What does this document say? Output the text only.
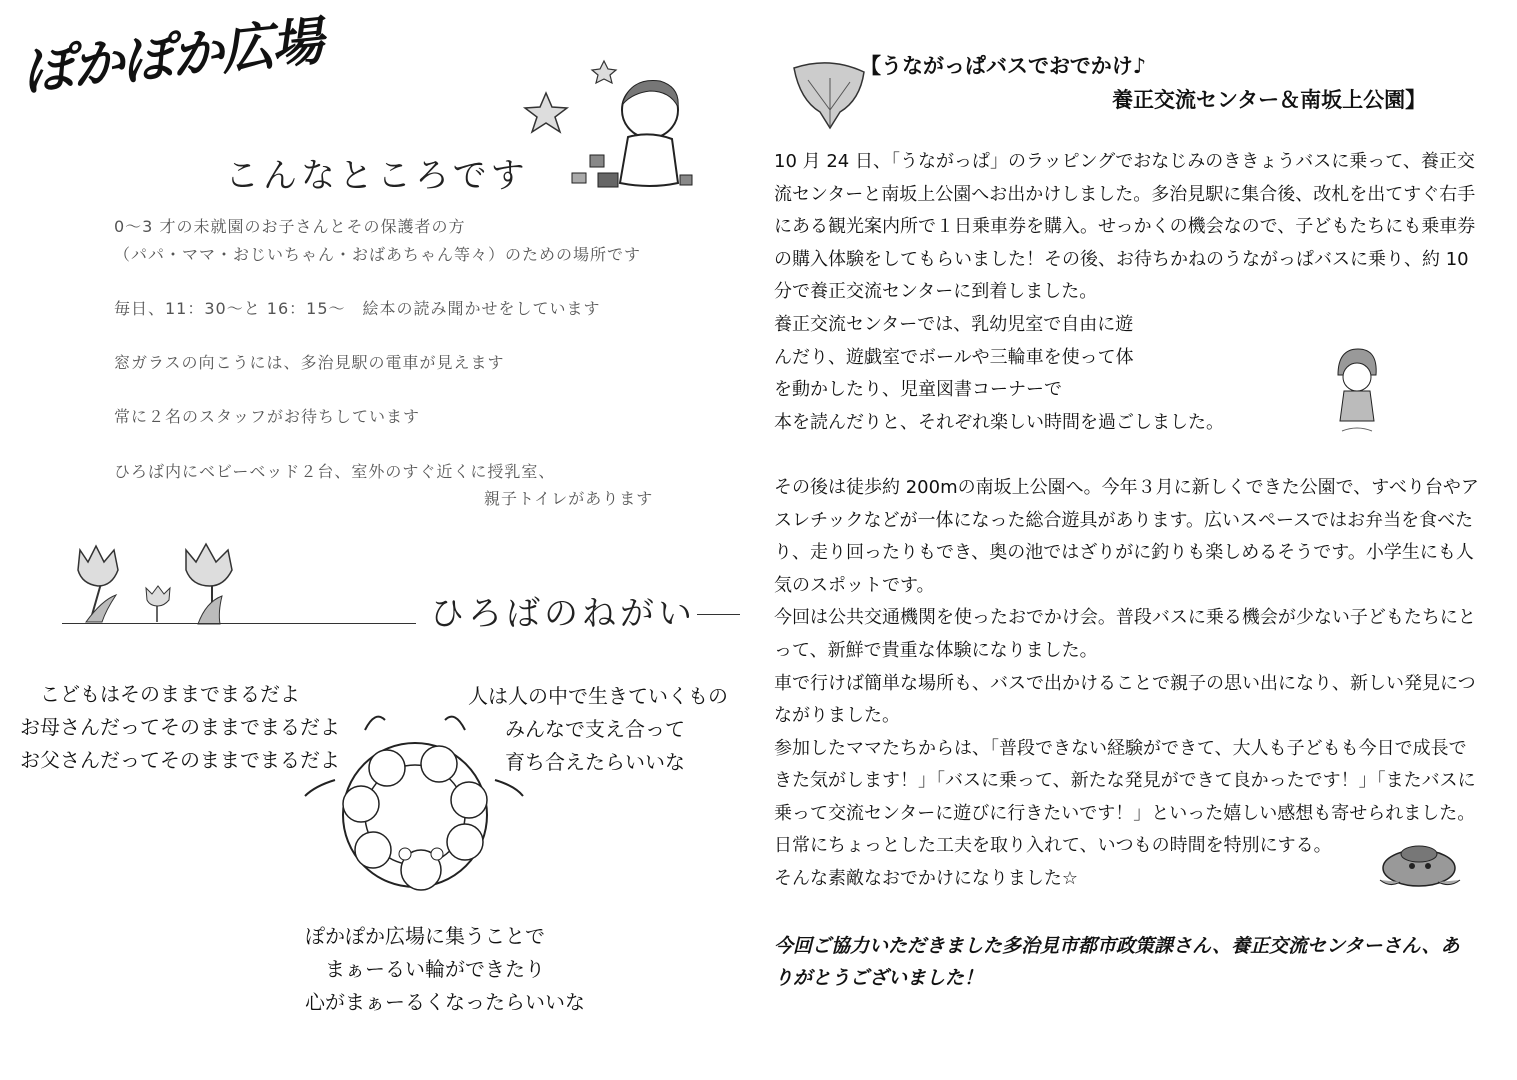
ぽかぽか広場
こんなところです
0～3 才の未就園のお子さんとその保護者の方
（パパ・ママ・おじいちゃん・おばあちゃん等々）のための場所です
毎日、11：30～と 16：15～　絵本の読み聞かせをしています
窓ガラスの向こうには、多治見駅の電車が見えます
常に２名のスタッフがお待ちしています
ひろば内にベビーベッド２台、室外のすぐ近くに授乳室、
親子トイレがあります
ひろばのねがい
こどもはそのままでまるだよ
お母さんだってそのままでまるだよ
お父さんだってそのままでまるだよ
人は人の中で生きていくもの
みんなで支え合って
育ち合えたらいいな
ぽかぽか広場に集うことで
まぁーるい輪ができたり
心がまぁーるくなったらいいな
【うながっぱバスでおでかけ♪
養正交流センター＆南坂上公園】

10 月 24 日、「うながっぱ」のラッピングでおなじみのききょうバスに乗って、養正交流センターと南坂上公園へお出かけしました。多治見駅に集合後、改札を出てすぐ右手にある観光案内所で１日乗車券を購入。せっかくの機会なので、子どもたちにも乗車券の購入体験をしてもらいました！その後、お待ちかねのうながっぱバスに乗り、約 10 分で養正交流センターに到着しました。

養正交流センターでは、乳幼児室で自由に遊んだり、遊戯室でボールや三輪車を使って体を動かしたり、児童図書コーナーで

本を読んだりと、それぞれ楽しい時間を過ごしました。

その後は徒歩約 200mの南坂上公園へ。今年３月に新しくできた公園で、すべり台やアスレチックなどが一体になった総合遊具があります。広いスペースではお弁当を食べたり、走り回ったりもでき、奥の池ではざりがに釣りも楽しめるそうです。小学生にも人気のスポットです。

今回は公共交通機関を使ったおでかけ会。普段バスに乗る機会が少ない子どもたちにとって、新鮮で貴重な体験になりました。

車で行けば簡単な場所も、バスで出かけることで親子の思い出になり、新しい発見につながりました。

参加したママたちからは、「普段できない経験ができて、大人も子どもも今日で成長できた気がします！」「バスに乗って、新たな発見ができて良かったです！」「またバスに乗って交流センターに遊びに行きたいです！」といった嬉しい感想も寄せられました。

日常にちょっとした工夫を取り入れて、いつもの時間を特別にする。

そんな素敵なおでかけになりました☆

今回ご協力いただきました多治見市都市政策課さん、養正交流センターさん、ありがとうございました！
